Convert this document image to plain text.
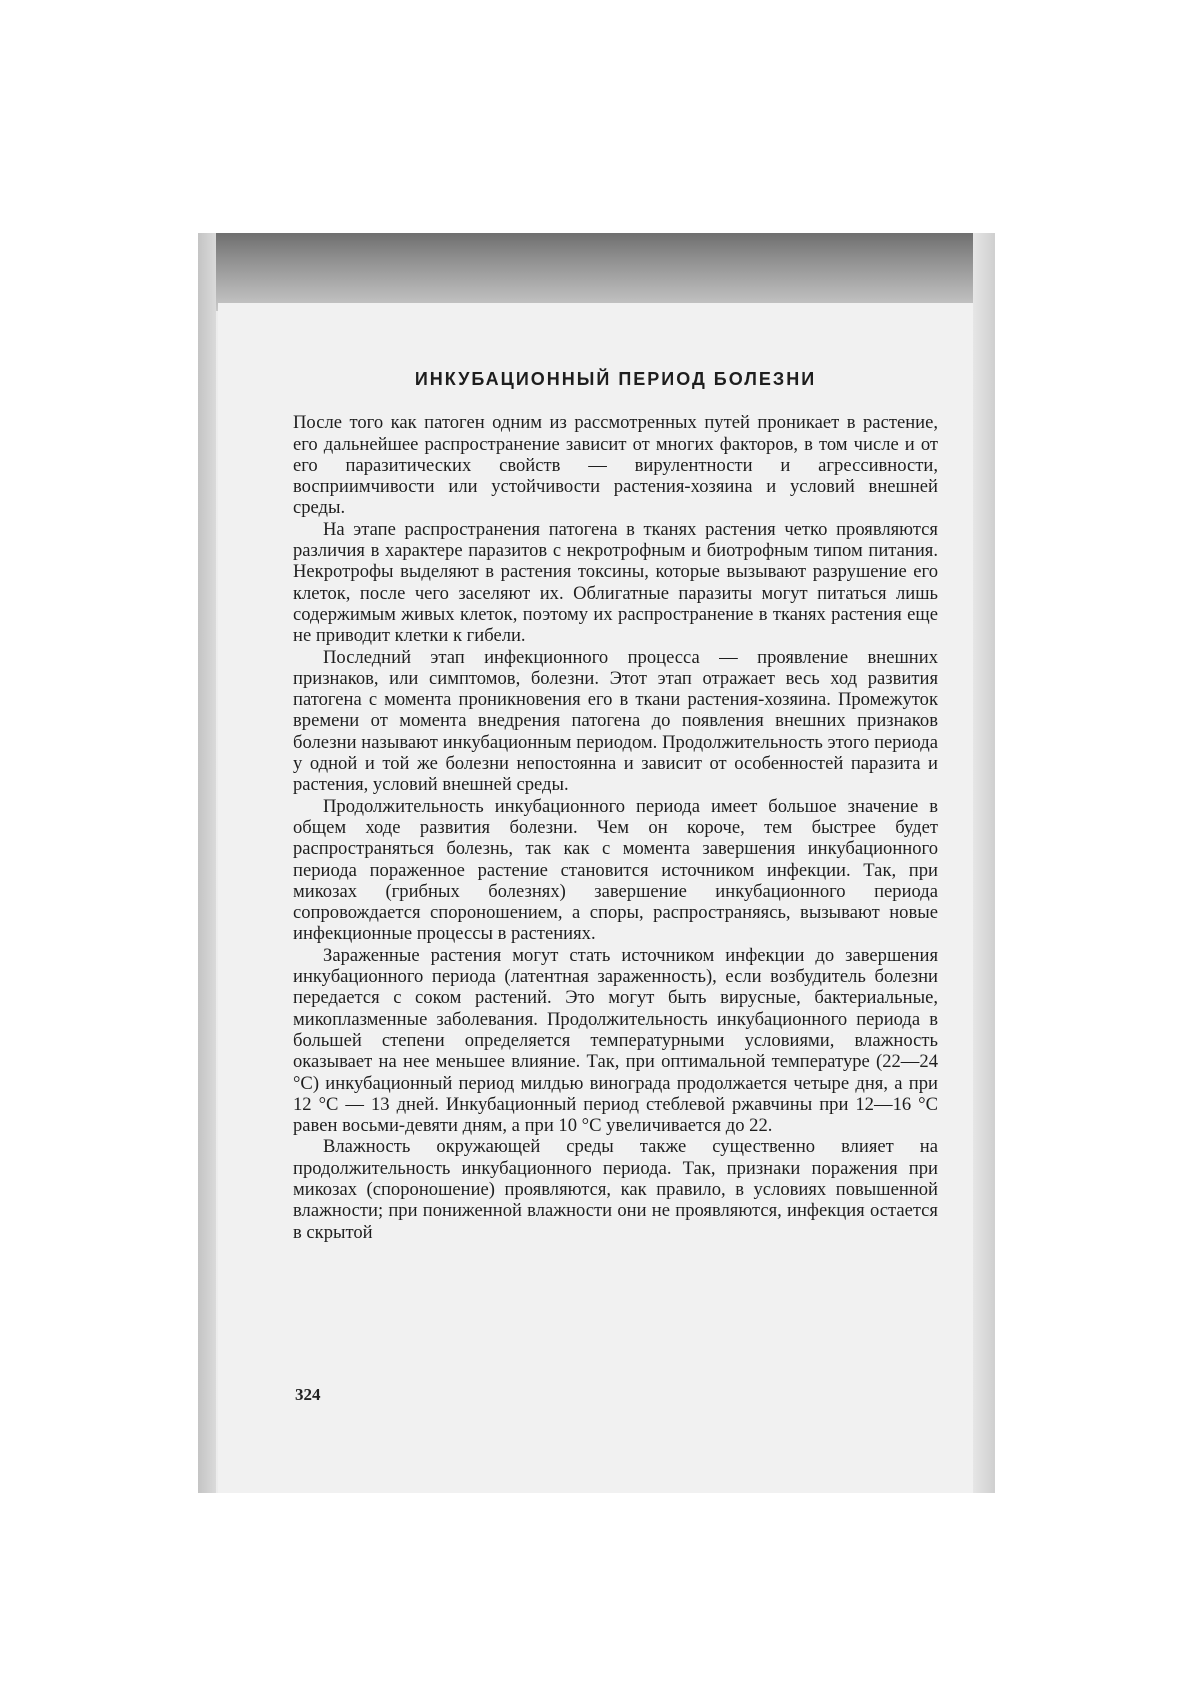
ИНКУБАЦИОННЫЙ ПЕРИОД БОЛЕЗНИ

После того как патоген одним из рассмотренных путей проникает в растение, его дальнейшее распространение зависит от многих факторов, в том числе и от его паразитических свойств — вирулентности и агрессивности, восприимчивости или устойчивости растения-хозяина и условий внешней среды.

На этапе распространения патогена в тканях растения четко проявляются различия в характере паразитов с некротрофным и биотрофным типом питания. Некротрофы выделяют в растения токсины, которые вызывают разрушение его клеток, после чего заселяют их. Облигатные паразиты могут питаться лишь содержимым живых клеток, поэтому их распространение в тканях растения еще не приводит клетки к гибели.

Последний этап инфекционного процесса — проявление внешних признаков, или симптомов, болезни. Этот этап отражает весь ход развития патогена с момента проникновения его в ткани растения-хозяина. Промежуток времени от момента внедрения патогена до появления внешних признаков болезни называют инкубационным периодом. Продолжительность этого периода у одной и той же болезни непостоянна и зависит от особенностей паразита и растения, условий внешней среды.

Продолжительность инкубационного периода имеет большое значение в общем ходе развития болезни. Чем он короче, тем быстрее будет распространяться болезнь, так как с момента завершения инкубационного периода пораженное растение становится источником инфекции. Так, при микозах (грибных болезнях) завершение инкубационного периода сопровождается спороношением, а споры, распространяясь, вызывают новые инфекционные процессы в растениях.

Зараженные растения могут стать источником инфекции до завершения инкубационного периода (латентная зараженность), если возбудитель болезни передается с соком растений. Это могут быть вирусные, бактериальные, микоплазменные заболевания. Продолжительность инкубационного периода в большей степени определяется температурными условиями, влажность оказывает на нее меньшее влияние. Так, при оптимальной температуре (22—24 °C) инкубационный период милдью винограда продолжается четыре дня, а при 12 °C — 13 дней. Инкубационный период стеблевой ржавчины при 12—16 °C равен восьми-девяти дням, а при 10 °C увеличивается до 22.

Влажность окружающей среды также существенно влияет на продолжительность инкубационного периода. Так, признаки поражения при микозах (спороношение) проявляются, как правило, в условиях повышенной влажности; при пониженной влажности они не проявляются, инфекция остается в скрытой

324
